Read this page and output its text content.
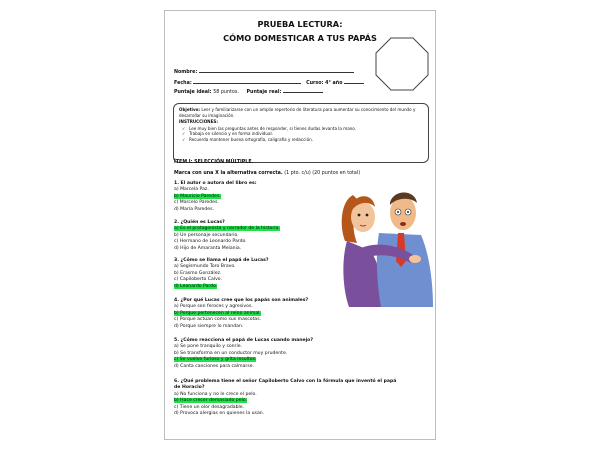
PRUEBA LECTURA:
CÓMO DOMESTICAR A TUS PAPÁS
Nombre:
Fecha:	Curso: 4° año
Puntaje ideal: 58 puntos. Puntaje real:
Objetivo: Leer y familiarizarse con un amplio repertorio de literatura para aumentar su conocimiento del mundo y desarrollar su imaginación.
INSTRUCCIONES:
✓ Lee muy bien las preguntas antes de responder, si tienes dudas levanta la mano.
✓ Trabaja en silencio y en forma individual.
✓ Recuerda mantener buena ortografía, caligrafía y redacción.
ÍTEM I: SELECCIÓN MÚLTIPLE.
Marca con una X la alternativa correcta. (1 pto. c/u) (20 puntos en total)
1. El autor o autora del libro es:
a) Marcela Paz.
b) Mauricio Paredes.
c) Marcelo Paredes.
d) María Paredes.
2. ¿Quién es Lucas?
a) Es el protagonista y narrador de la historia.
b) Un personaje secundario.
c) Hermano de Leonardo Pardo.
d) Hijo de Amaranta Melania.
3. ¿Cómo se llama el papá de Lucas?
a) Segismundo Toro Bravo.
b) Erasmo González.
c) Capiloberto Calvo.
d) Leonardo Pardo.
4. ¿Por qué Lucas cree que los papás son animales?
a) Porque son feroces y agresivos.
b) Porque pertenecen al reino animal.
c) Porque actúan como sus mascotas.
d) Porque siempre lo mandan.
5. ¿Cómo reacciona el papá de Lucas cuando manejo?
a) Se pone tranquilo y sonríe.
b) Se transforma en un conductor muy prudente.
c) Se vuelve furioso y grita insultos.
d) Canta canciones para calmarse.
6. ¿Qué problema tiene el señor Capiloberto Calvo con la fórmula que inventó el papá
de Horacio?
a) No funciona y no le crece el pelo.
b) Hace crecer demasiado pelo.
c) Tiene un olor desagradable.
d) Provoca alergias en quienes la usan.
